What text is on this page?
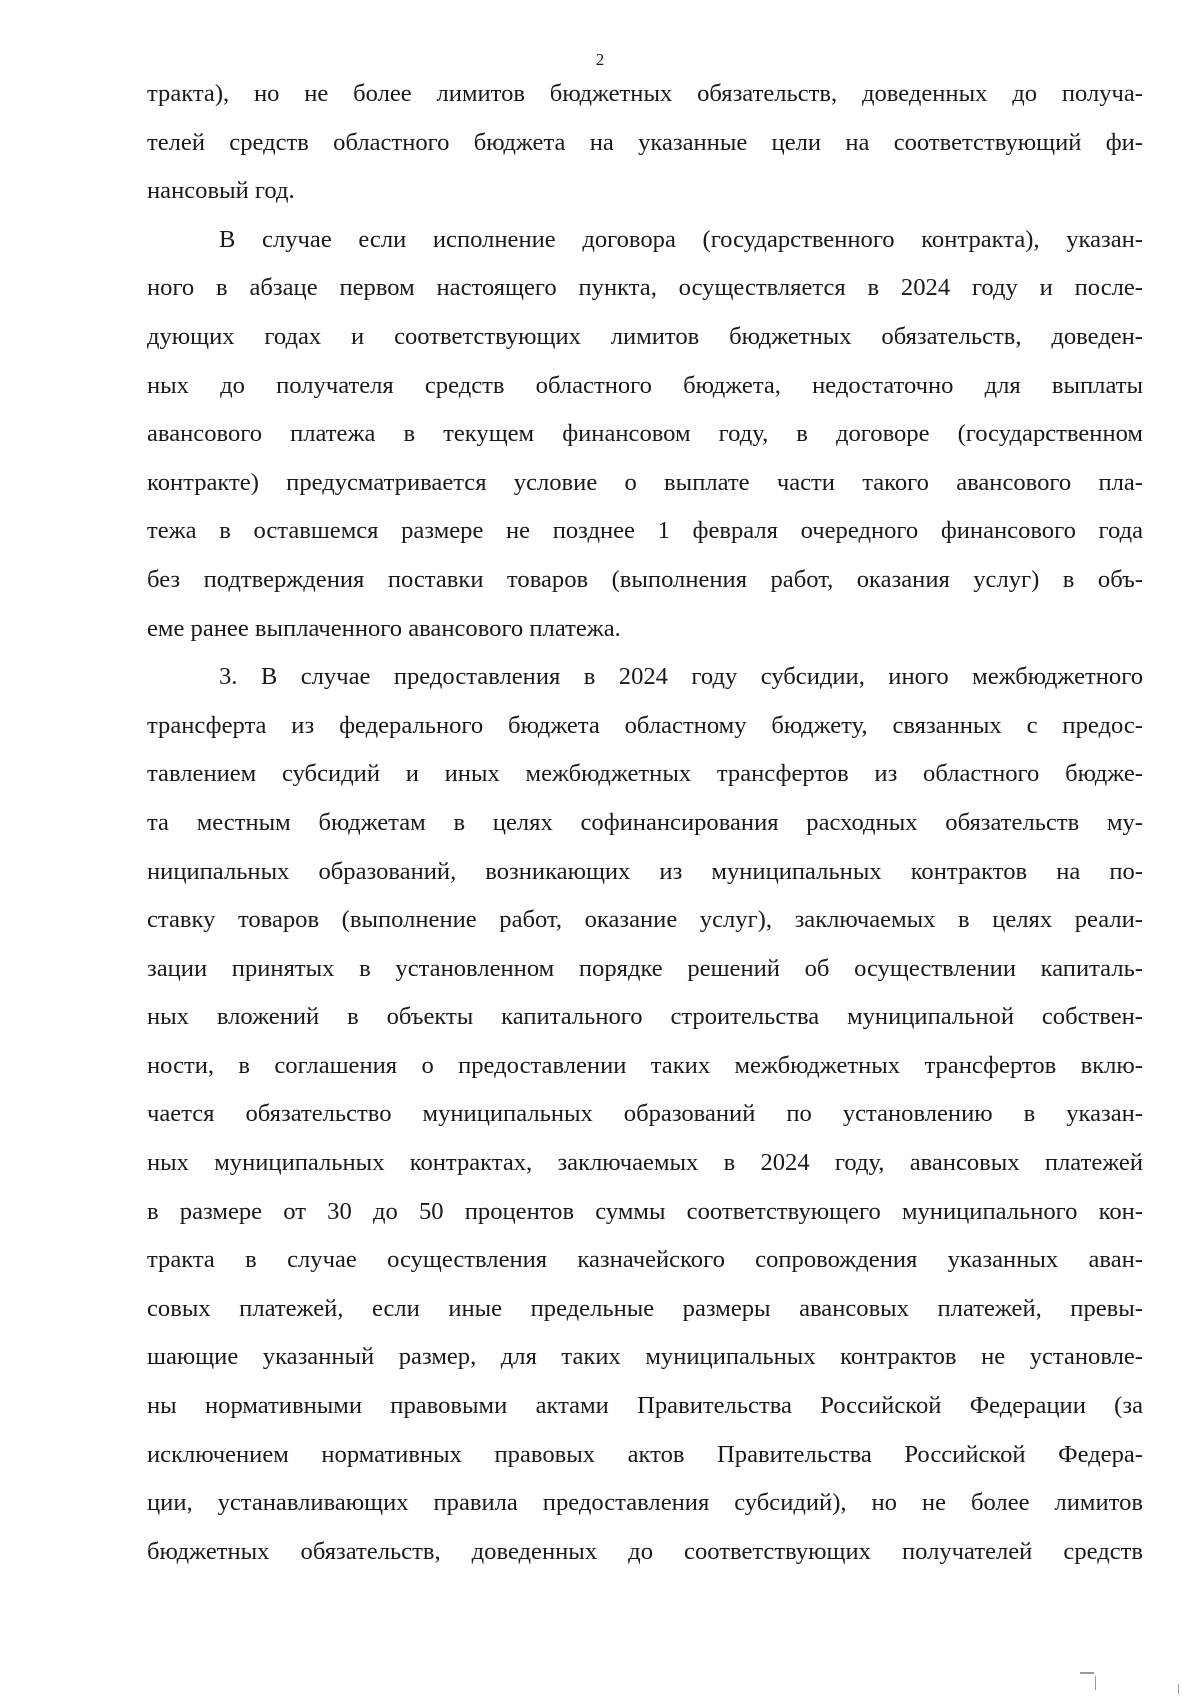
2
тракта), но не более лимитов бюджетных обязательств, доведенных до получа-
телей средств областного бюджета на указанные цели на соответствующий фи-
нансовый год.
В случае если исполнение договора (государственного контракта), указан-
ного в абзаце первом настоящего пункта, осуществляется в 2024 году и после-
дующих годах и соответствующих лимитов бюджетных обязательств, доведен-
ных до получателя средств областного бюджета, недостаточно для выплаты
авансового платежа в текущем финансовом году, в договоре (государственном
контракте) предусматривается условие о выплате части такого авансового пла-
тежа в оставшемся размере не позднее 1 февраля очередного финансового года
без подтверждения поставки товаров (выполнения работ, оказания услуг) в объ-
еме ранее выплаченного авансового платежа.
3. В случае предоставления в 2024 году субсидии, иного межбюджетного
трансферта из федерального бюджета областному бюджету, связанных с предос-
тавлением субсидий и иных межбюджетных трансфертов из областного бюдже-
та местным бюджетам в целях софинансирования расходных обязательств му-
ниципальных образований, возникающих из муниципальных контрактов на по-
ставку товаров (выполнение работ, оказание услуг), заключаемых в целях реали-
зации принятых в установленном порядке решений об осуществлении капиталь-
ных вложений в объекты капитального строительства муниципальной собствен-
ности, в соглашения о предоставлении таких межбюджетных трансфертов вклю-
чается обязательство муниципальных образований по установлению в указан-
ных муниципальных контрактах, заключаемых в 2024 году, авансовых платежей
в размере от 30 до 50 процентов суммы соответствующего муниципального кон-
тракта в случае осуществления казначейского сопровождения указанных аван-
совых платежей, если иные предельные размеры авансовых платежей, превы-
шающие указанный размер, для таких муниципальных контрактов не установле-
ны нормативными правовыми актами Правительства Российской Федерации (за
исключением нормативных правовых актов Правительства Российской Федера-
ции, устанавливающих правила предоставления субсидий), но не более лимитов
бюджетных обязательств, доведенных до соответствующих получателей средств
